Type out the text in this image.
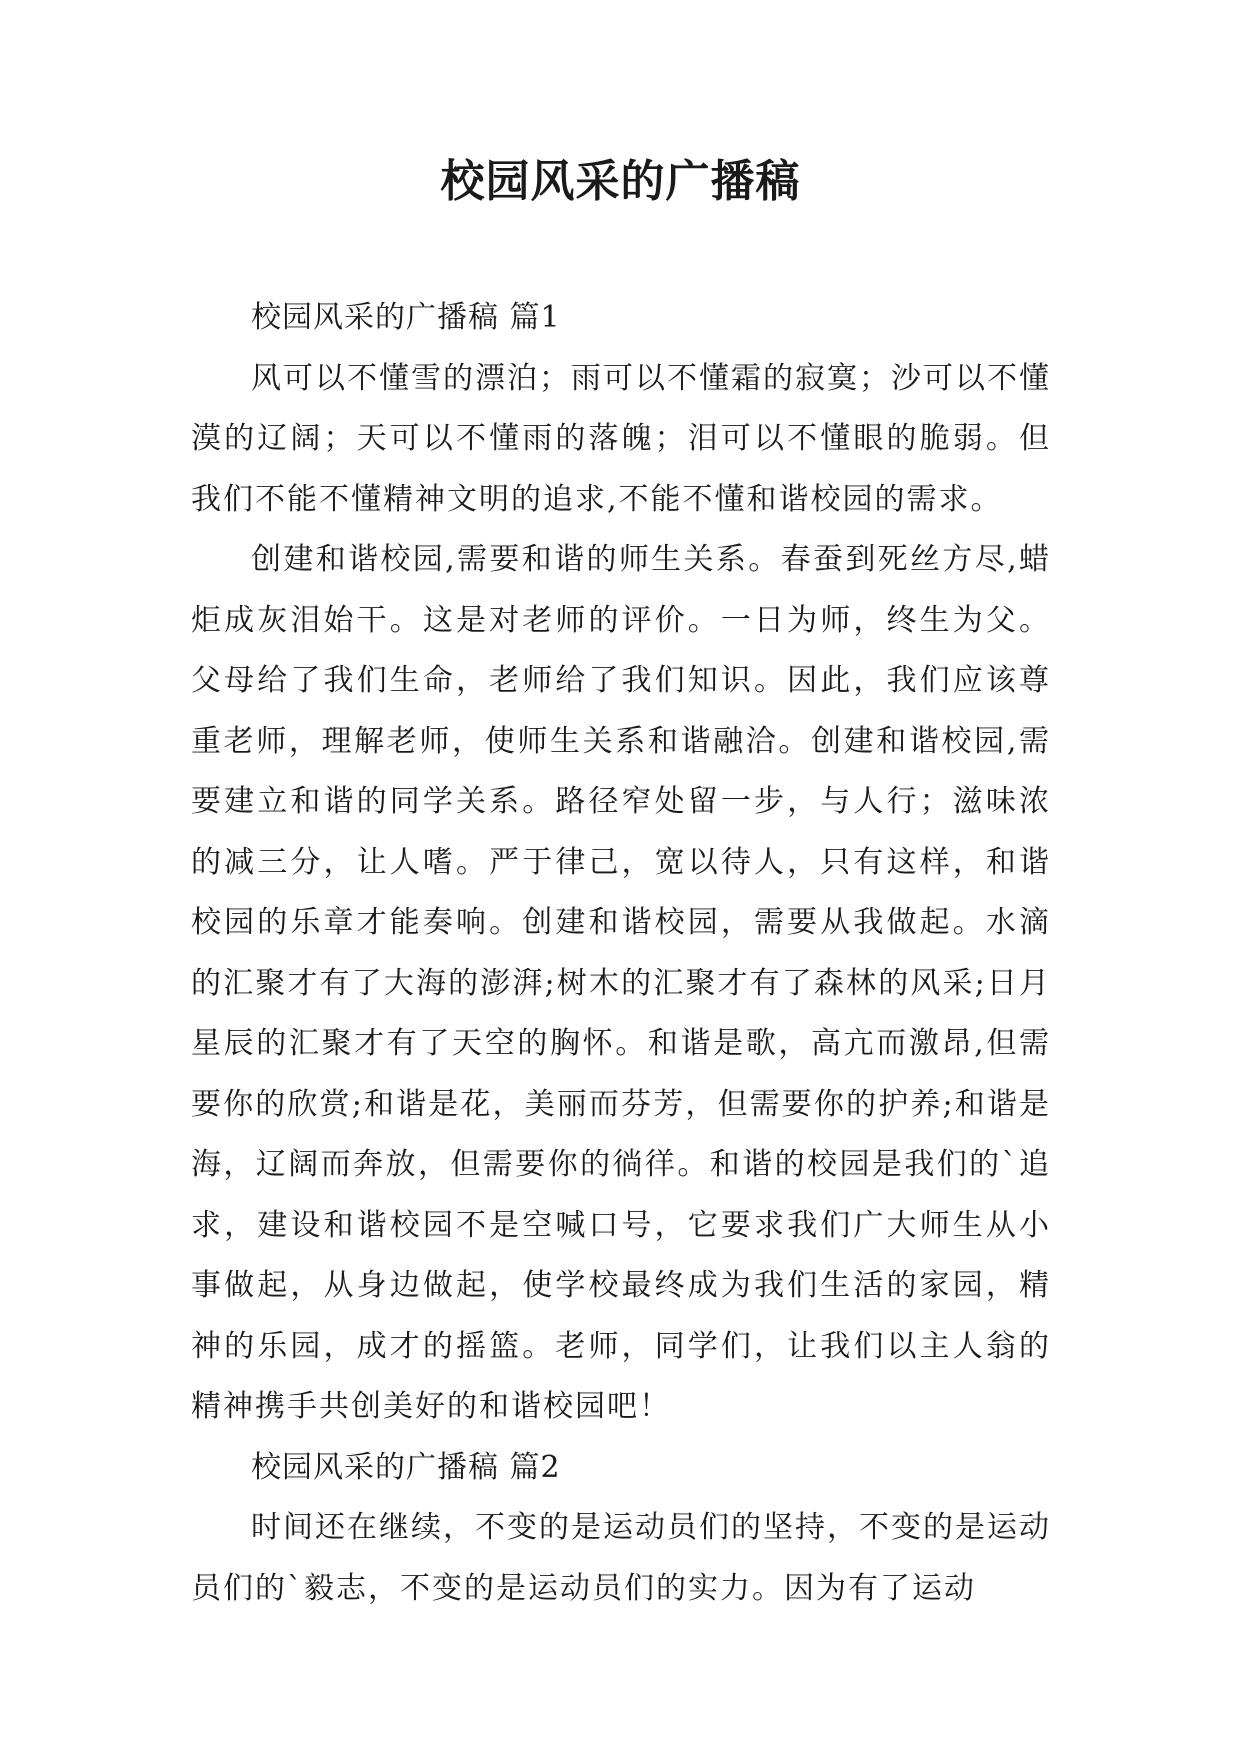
校园风采的广播稿

校园风采的广播稿 篇1

风可以不懂雪的漂泊；雨可以不懂霜的寂寞；沙可以不懂漠的辽阔；天可以不懂雨的落魄；泪可以不懂眼的脆弱。但我们不能不懂精神文明的追求,不能不懂和谐校园的需求。

创建和谐校园,需要和谐的师生关系。春蚕到死丝方尽,蜡炬成灰泪始干。这是对老师的评价。一日为师，终生为父。父母给了我们生命，老师给了我们知识。因此，我们应该尊重老师，理解老师，使师生关系和谐融洽。创建和谐校园,需要建立和谐的同学关系。路径窄处留一步，与人行；滋味浓的减三分，让人嗜。严于律己，宽以待人，只有这样，和谐校园的乐章才能奏响。创建和谐校园，需要从我做起。水滴的汇聚才有了大海的澎湃;树木的汇聚才有了森林的风采;日月星辰的汇聚才有了天空的胸怀。和谐是歌，高亢而激昂,但需要你的欣赏;和谐是花，美丽而芬芳，但需要你的护养;和谐是海，辽阔而奔放，但需要你的徜徉。和谐的校园是我们的`追求，建设和谐校园不是空喊口号，它要求我们广大师生从小事做起，从身边做起，使学校最终成为我们生活的家园，精神的乐园，成才的摇篮。老师，同学们，让我们以主人翁的精神携手共创美好的和谐校园吧！

校园风采的广播稿 篇2

时间还在继续，不变的是运动员们的坚持，不变的是运动员们的`毅志，不变的是运动员们的实力。因为有了运动
